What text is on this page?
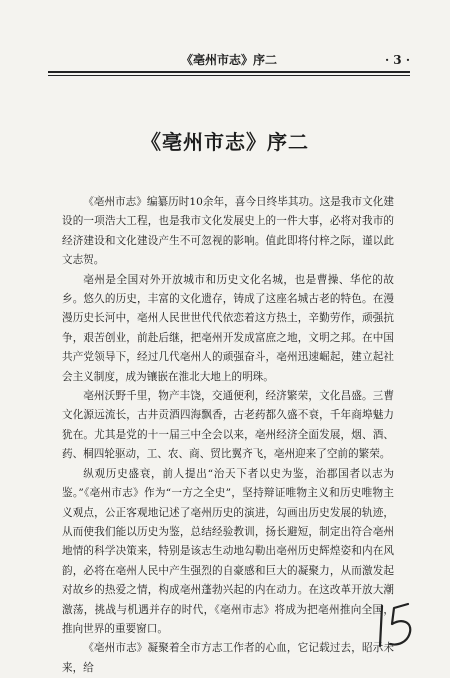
《亳州市志》序二	· 3 ·
《亳州市志》序二

《亳州市志》编纂历时10余年，喜今日终毕其功。这是我市文化建设的一项浩大工程，也是我市文化发展史上的一件大事，必将对我市的经济建设和文化建设产生不可忽视的影响。值此即将付梓之际，谨以此文志贺。

亳州是全国对外开放城市和历史文化名城，也是曹操、华佗的故乡。悠久的历史，丰富的文化遗存，铸成了这座名城古老的特色。在漫漫历史长河中，亳州人民世世代代依恋着这方热土，辛勤劳作，顽强抗争，艰苦创业，前赴后继，把亳州开发成富庶之地，文明之邦。在中国共产党领导下，经过几代亳州人的顽强奋斗，亳州迅速崛起，建立起社会主义制度，成为镶嵌在淮北大地上的明珠。

亳州沃野千里，物产丰饶，交通便利，经济繁荣，文化昌盛。三曹文化源远流长，古井贡酒四海飘香，古老药都久盛不衰，千年商埠魅力犹在。尤其是党的十一届三中全会以来，亳州经济全面发展，烟、酒、药、桐四轮驱动，工、农、商、贸比翼齐飞，亳州迎来了空前的繁荣。

纵观历史盛衰，前人提出“治天下者以史为鉴，治郡国者以志为鉴。”《亳州市志》作为“一方之全史”，坚持辩证唯物主义和历史唯物主义观点，公正客观地记述了亳州历史的演进，勾画出历史发展的轨迹，从而使我们能以历史为鉴，总结经验教训，扬长避短，制定出符合亳州地情的科学决策来，特别是该志生动地勾勒出亳州历史辉煌姿和内在风韵，必将在亳州人民中产生强烈的自豪感和巨大的凝聚力，从而激发起对故乡的热爱之情，构成亳州蓬勃兴起的内在动力。在这改革开放大潮激荡，挑战与机遇并存的时代，《亳州市志》将成为把亳州推向全国，推向世界的重要窗口。

《亳州市志》凝聚着全市方志工作者的心血，它记载过去，昭示未来，给
